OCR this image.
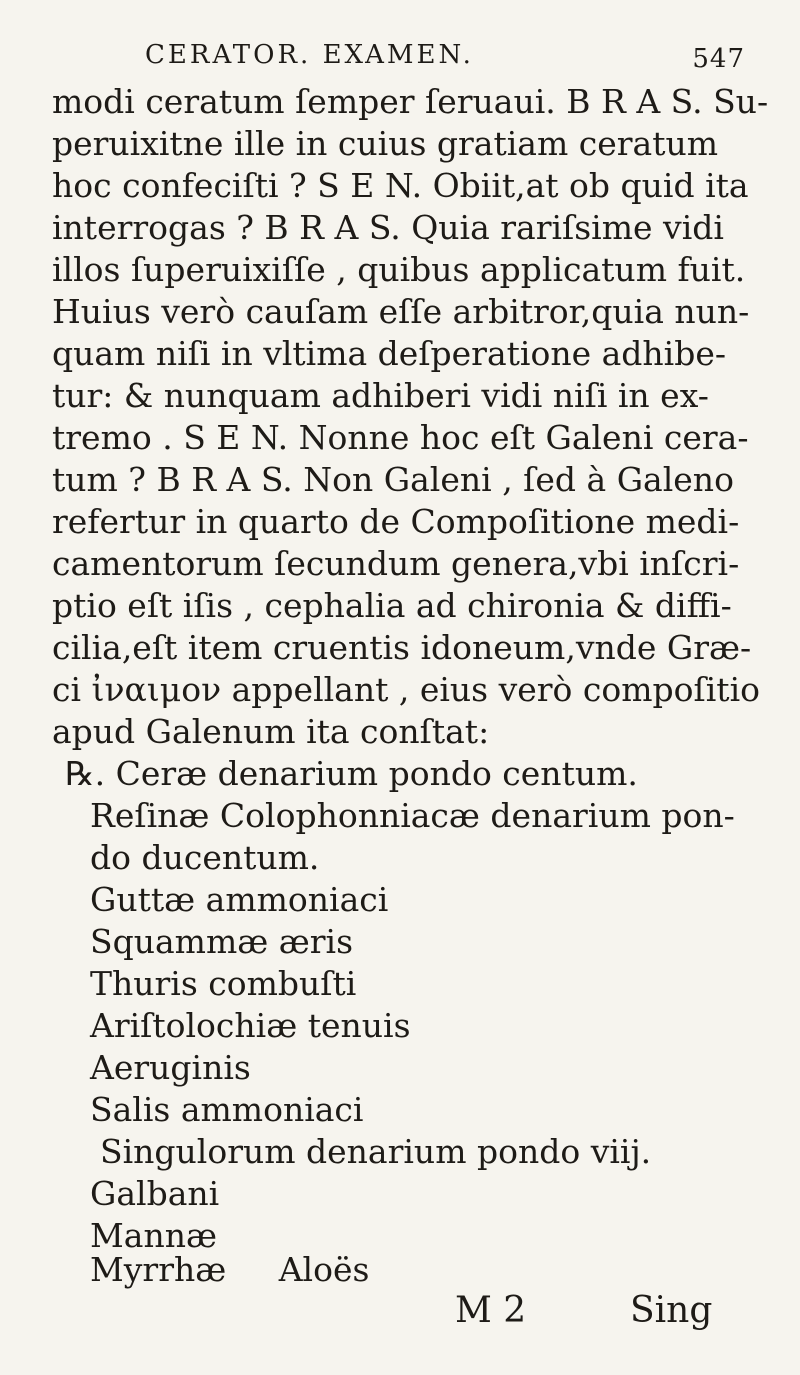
CERATOR. EXAMEN.	547
modi ceratum ſemper ſeruaui. B R A S. Su-
peruixitne ille in cuius gratiam ceratum
hoc confeciſti ? S E N. Obiit,at ob quid ita
interrogas ? B R A S. Quia rariſsime vidi
illos ſuperuixiſſe , quibus applicatum fuit.
Huius verò cauſam eſſe arbitror,quia nun-
quam niſi in vltima deſperatione adhibe-
tur: & nunquam adhiberi vidi niſi in ex-
tremo . S E N. Nonne hoc eſt Galeni cera-
tum ? B R A S. Non Galeni , ſed à Galeno
refertur in quarto de Compoſitione medi-
camentorum ſecundum genera,vbi inſcri-
ptio eſt iſis , cephalia ad chironia & diffi-
cilia,eſt item cruentis idoneum,vnde Græ-
ci ἰναιμον appellant , eius verò compoſitio
apud Galenum ita conſtat:
℞. Ceræ denarium pondo centum.
Reſinæ Colophonniacæ denarium pon-
do ducentum.
Guttæ ammoniaci
Squammæ æris
Thuris combuſti
Ariſtolochiæ tenuis
Aeruginis
Salis ammoniaci
Singulorum denarium pondo viij.
Galbani
Mannæ
Myrrhæ     Aloës
M 2	Sing
